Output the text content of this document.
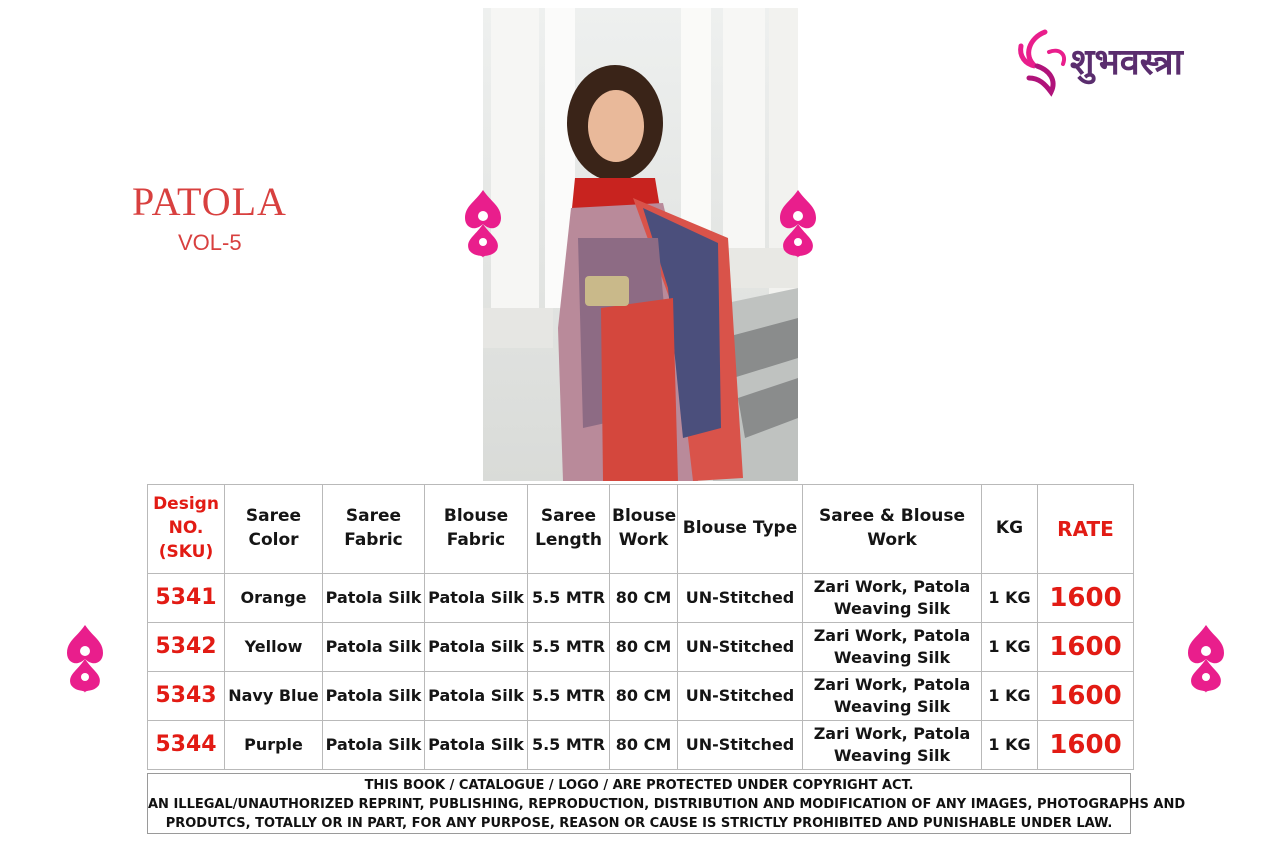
PATOLA
VOL-5
शुभवस्त्रा
Design NO. (SKU)	Saree Color	Saree Fabric	Blouse Fabric	Saree Length	Blouse Work	Blouse Type	Saree & Blouse Work	KG	RATE
5341	Orange	Patola Silk	Patola Silk	5.5 MTR	80 CM	UN-Stitched	Zari Work, Patola Weaving Silk	1 KG	1600
5342	Yellow	Patola Silk	Patola Silk	5.5 MTR	80 CM	UN-Stitched	Zari Work, Patola Weaving Silk	1 KG	1600
5343	Navy Blue	Patola Silk	Patola Silk	5.5 MTR	80 CM	UN-Stitched	Zari Work, Patola Weaving Silk	1 KG	1600
5344	Purple	Patola Silk	Patola Silk	5.5 MTR	80 CM	UN-Stitched	Zari Work, Patola Weaving Silk	1 KG	1600
THIS BOOK / CATALOGUE / LOGO / ARE PROTECTED UNDER COPYRIGHT ACT.
AN ILLEGAL/UNAUTHORIZED REPRINT, PUBLISHING, REPRODUCTION, DISTRIBUTION AND MODIFICATION OF ANY IMAGES, PHOTOGRAPHS AND
PRODUTCS, TOTALLY OR IN PART, FOR ANY PURPOSE, REASON OR CAUSE IS STRICTLY PROHIBITED AND PUNISHABLE UNDER LAW.
